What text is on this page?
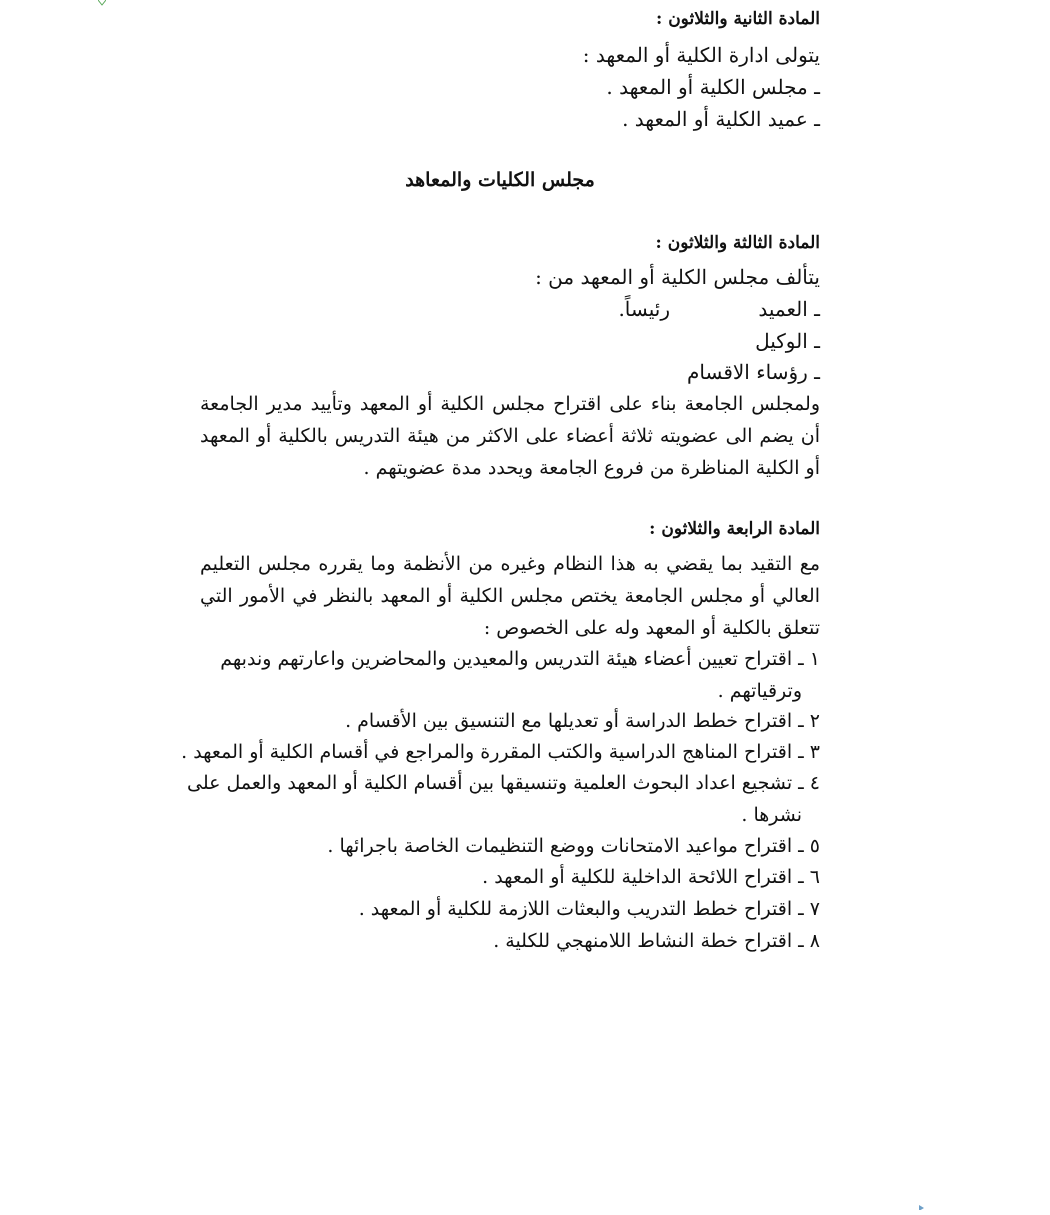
المادة الثانية والثلاثون :
يتولى ادارة الكلية أو المعهد :
ـ مجلس الكلية أو المعهد .
ـ عميد الكلية أو المعهد .
مجلس الكليات والمعاهد
المادة الثالثة والثلاثون :
يتألف مجلس الكلية أو المعهد من :
ـ العميد
رئيساً.
ـ الوكيل
ـ رؤساء الاقسام
ولمجلس الجامعة بناء على اقتراح مجلس الكلية أو المعهد وتأييد مدير الجامعة أن يضم الى عضويته ثلاثة أعضاء على الاكثر من هيئة التدريس بالكلية أو المعهد أو الكلية المناظرة من فروع الجامعة ويحدد مدة عضويتهم .
المادة الرابعة والثلاثون :
مع التقيد بما يقضي به هذا النظام وغيره من الأنظمة وما يقرره مجلس التعليم العالي أو مجلس الجامعة يختص مجلس الكلية أو المعهد بالنظر في الأمور التي تتعلق بالكلية أو المعهد وله على الخصوص :
١ ـ اقتراح تعيين أعضاء هيئة التدريس والمعيدين والمحاضرين واعارتهم وندبهم
وترقياتهم .
٢ ـ اقتراح خطط الدراسة أو تعديلها مع التنسيق بين الأقسام .
٣ ـ اقتراح المناهج الدراسية والكتب المقررة والمراجع في أقسام الكلية أو المعهد .
٤ ـ تشجيع اعداد البحوث العلمية وتنسيقها بين أقسام الكلية أو المعهد والعمل على
نشرها .
٥ ـ اقتراح مواعيد الامتحانات ووضع التنظيمات الخاصة باجرائها .
٦ ـ اقتراح اللائحة الداخلية للكلية أو المعهد .
٧ ـ اقتراح خطط التدريب والبعثات اللازمة للكلية أو المعهد .
٨ ـ اقتراح خطة النشاط اللامنهجي للكلية .
